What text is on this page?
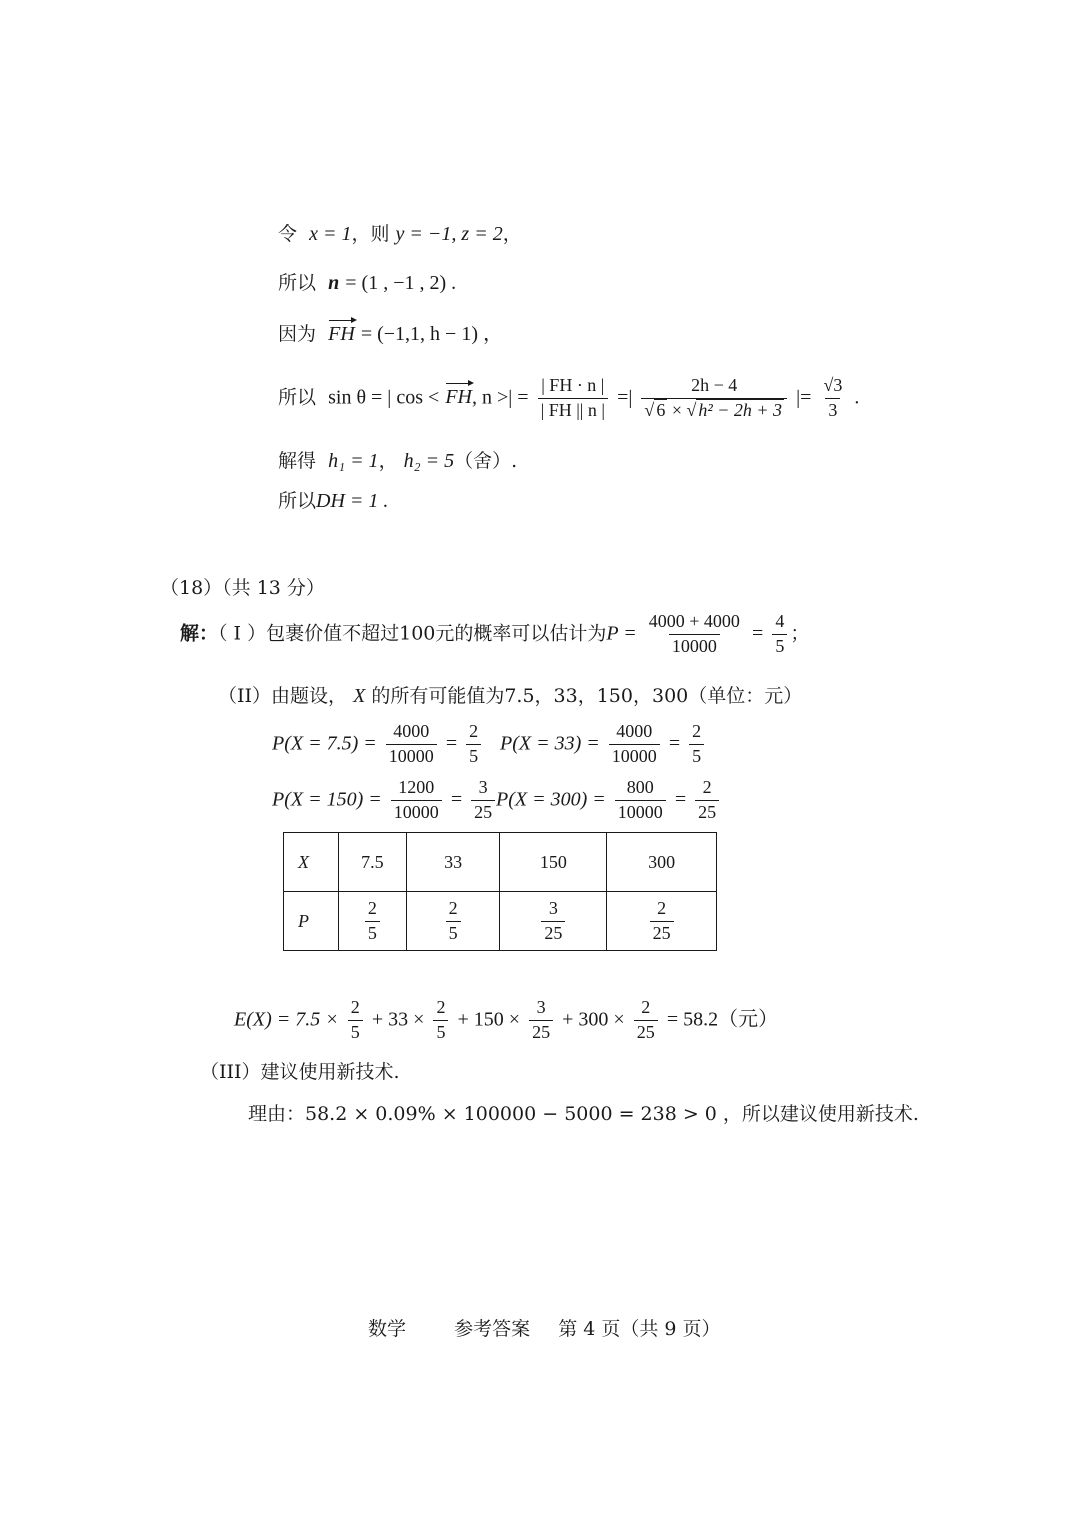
令 x = 1，则 y = −1, z = 2，
所以 n = (1 , −1 , 2) .
因为 FH = (−1,1, h − 1) ，
所以 sin θ = | cos < FH, n >| = $\frac{| FH \cdot n |}{| FH || n |}$ =| $\frac{2h - 4}{\text{√ 6 × √ h² − 2h + 3}}$ |= $\frac{√3}{3}$ .
解得 h₁ = 1， h₂ = 5（舍）.
所以DH = 1 .
（18）（共 13 分）
解：（ I ）包裹价值不超过100元的概率可以估计为$P = \frac{4000 + 4000}{10000} = \frac{4}{5}$ ；
（II）由题设， X 的所有可能值为7.5，33，150，300（单位：元）
$P(X = 7.5) = \frac{4000}{10000} = \frac{2}{5} P(X = 33) = \frac{4000}{10000} = \frac{2}{5}$
$P(X = 150) = \frac{1200}{10000} = \frac{3}{25} P(X = 300) = \frac{800}{10000} = \frac{2}{25}$
X	7.5	33	150	300
P	$\frac{2}{5}$	$\frac{2}{5}$	$\frac{3}{25}$	$\frac{2}{25}$
$E(X) = 7.5 \times \frac{2}{5} + 33 \times \frac{2}{5} + 150 \times \frac{3}{25} + 300 \times \frac{2}{25} = 58.2$（元）
（III）建议使用新技术.
理由：58.2 × 0.09% × 100000 − 5000 = 238 > 0 ，所以建议使用新技术.
数学	参考答案 第 4 页（共 9 页）
